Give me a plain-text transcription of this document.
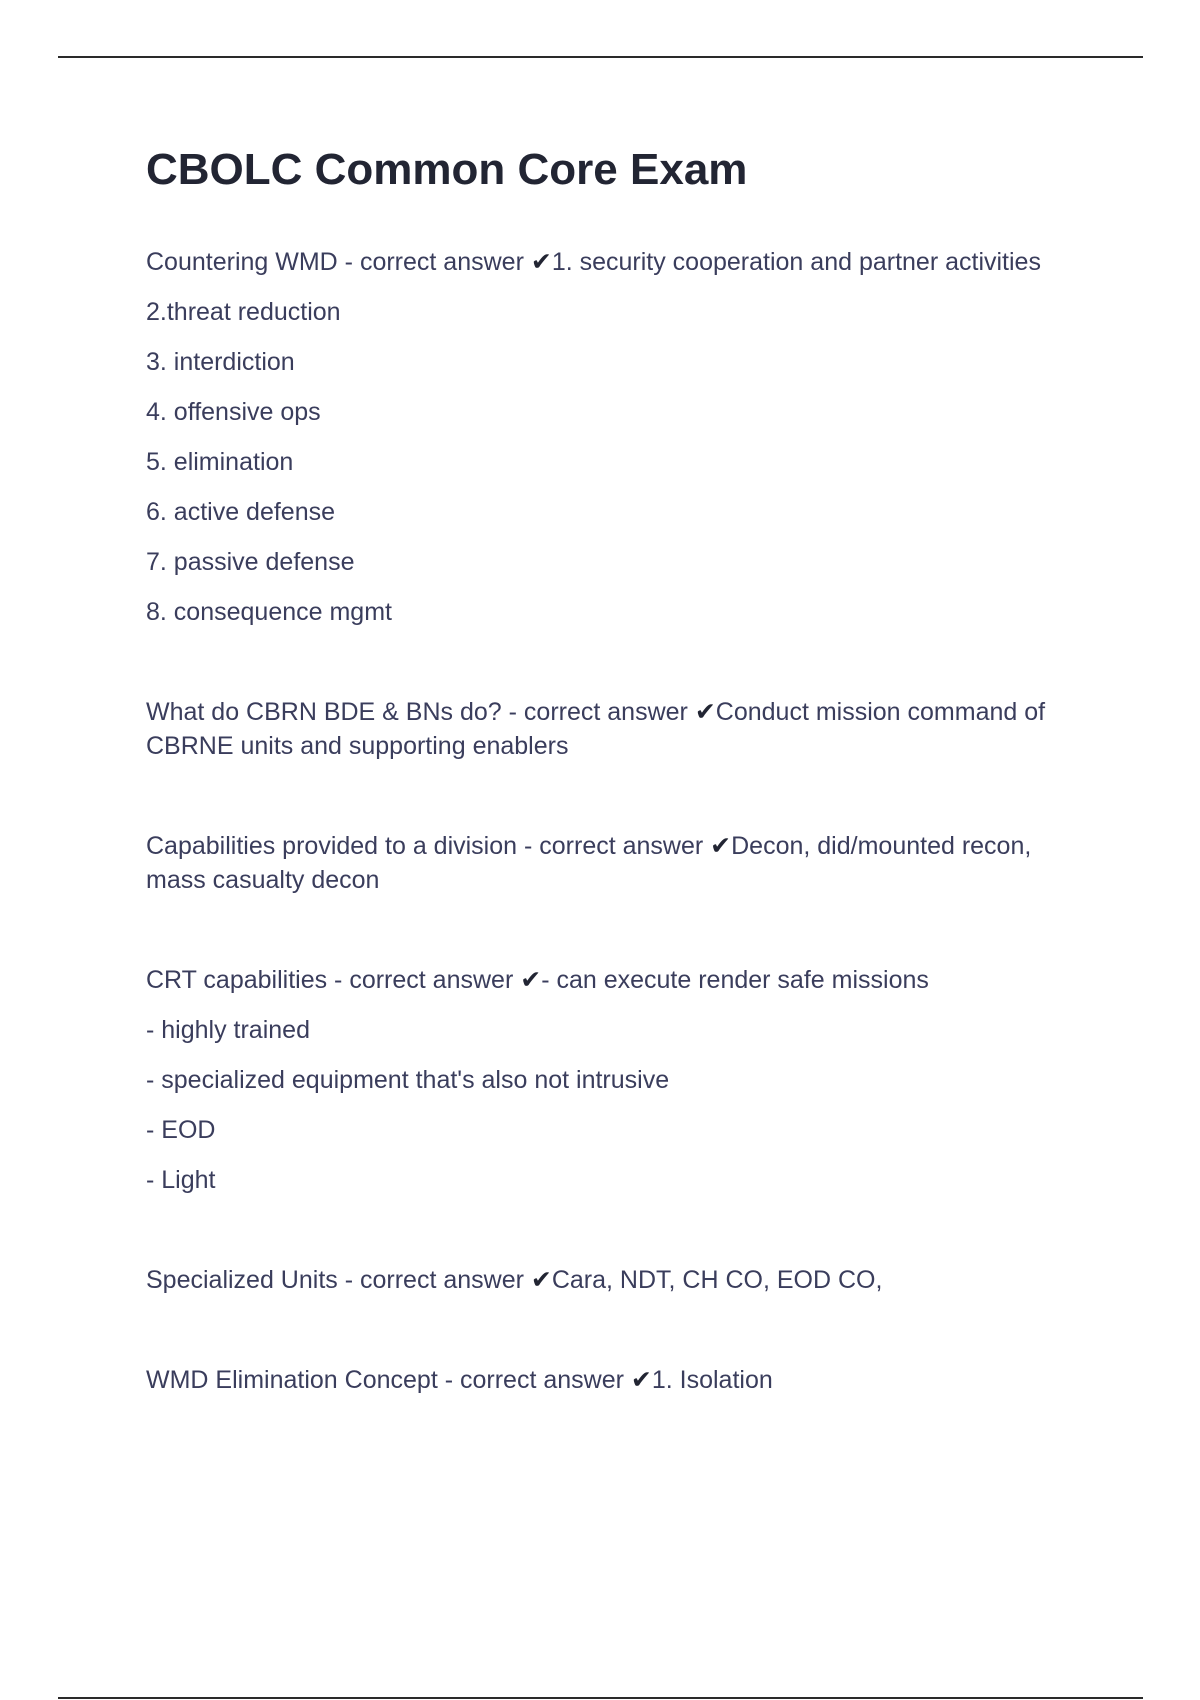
CBOLC Common Core Exam
Countering WMD - correct answer ✔1. security cooperation and partner activities
2.threat reduction
3. interdiction
4. offensive ops
5. elimination
6. active defense
7. passive defense
8. consequence mgmt
What do CBRN BDE & BNs do? - correct answer ✔Conduct mission command of CBRNE units and supporting enablers
Capabilities provided to a division - correct answer ✔Decon, did/mounted recon, mass casualty decon
CRT capabilities - correct answer ✔- can execute render safe missions
- highly trained
- specialized equipment that's also not intrusive
- EOD
- Light
Specialized Units - correct answer ✔Cara, NDT, CH CO, EOD CO,
WMD Elimination Concept - correct answer ✔1. Isolation
